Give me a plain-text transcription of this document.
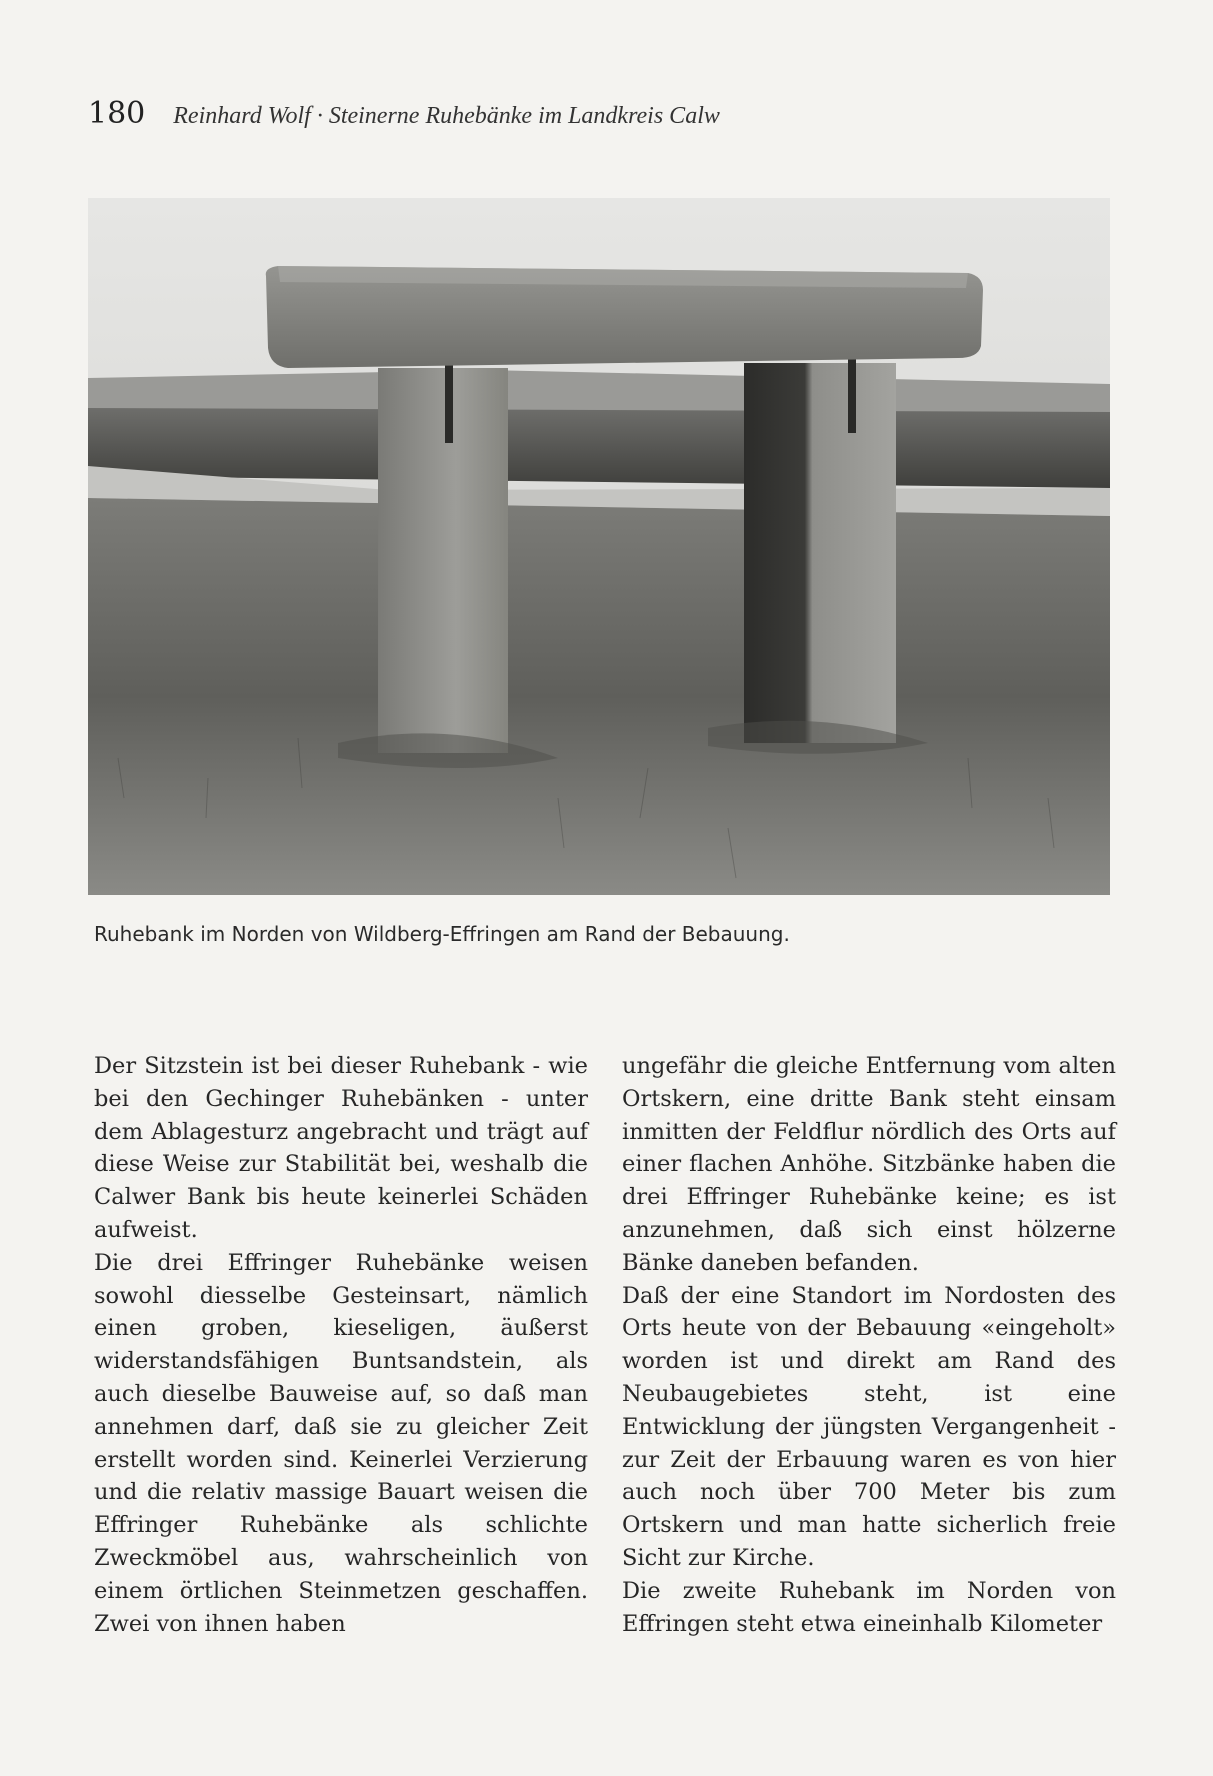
180 Reinhard Wolf · Steinerne Ruhebänke im Landkreis Calw
Ruhebank im Norden von Wildberg-Effringen am Rand der Bebauung.

Der Sitzstein ist bei dieser Ruhebank - wie bei den Gechinger Ruhebänken - unter dem Ablagesturz angebracht und trägt auf diese Weise zur Stabilität bei, weshalb die Calwer Bank bis heute keinerlei Schäden aufweist.

Die drei Effringer Ruhebänke weisen sowohl diesselbe Gesteinsart, nämlich einen groben, kieseligen, äußerst widerstandsfähigen Buntsandstein, als auch dieselbe Bauweise auf, so daß man annehmen darf, daß sie zu gleicher Zeit erstellt worden sind. Keinerlei Verzierung und die relativ massige Bauart weisen die Effringer Ruhebänke als schlichte Zweckmöbel aus, wahrscheinlich von einem örtlichen Steinmetzen geschaffen. Zwei von ihnen haben

ungefähr die gleiche Entfernung vom alten Ortskern, eine dritte Bank steht einsam inmitten der Feldflur nördlich des Orts auf einer flachen Anhöhe. Sitzbänke haben die drei Effringer Ruhebänke keine; es ist anzunehmen, daß sich einst hölzerne Bänke daneben befanden.

Daß der eine Standort im Nordosten des Orts heute von der Bebauung «eingeholt» worden ist und direkt am Rand des Neubaugebietes steht, ist eine Entwicklung der jüngsten Vergangenheit - zur Zeit der Erbauung waren es von hier auch noch über 700 Meter bis zum Ortskern und man hatte sicherlich freie Sicht zur Kirche.

Die zweite Ruhebank im Norden von Effringen steht etwa eineinhalb Kilometer
